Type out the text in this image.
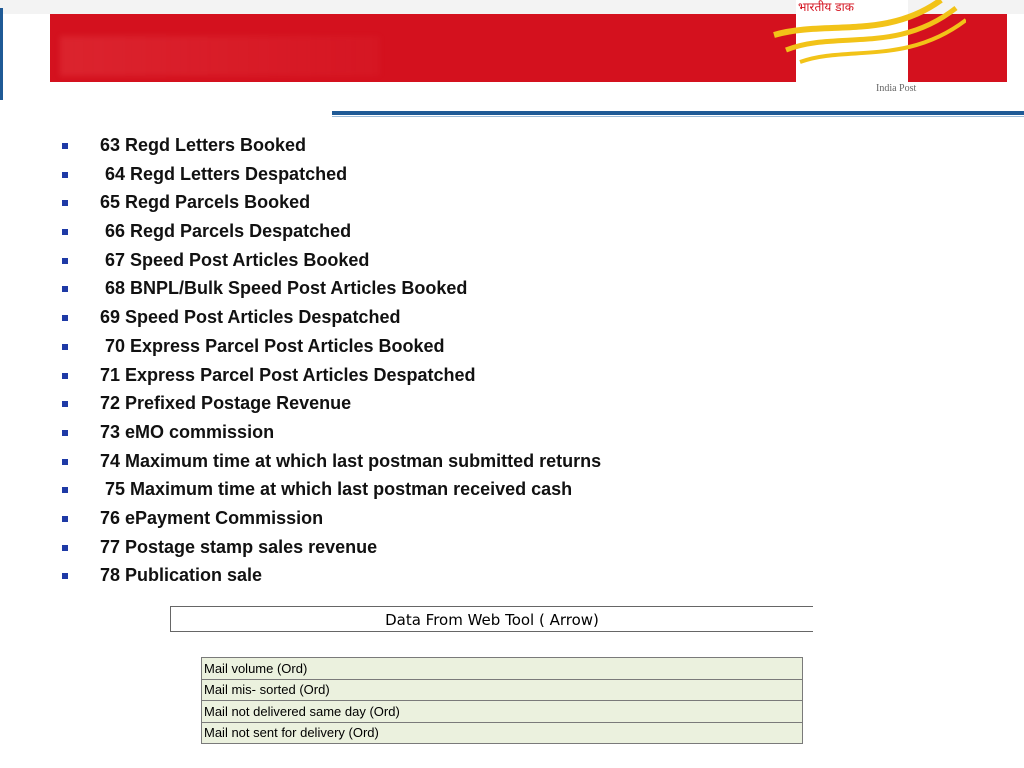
भारतीय डाक
India Post
63 Regd Letters Booked
64 Regd Letters Despatched
65 Regd Parcels Booked
66 Regd Parcels Despatched
67 Speed Post Articles Booked
68 BNPL/Bulk Speed Post Articles Booked
69 Speed Post Articles Despatched
70 Express Parcel Post Articles Booked
71 Express Parcel Post Articles Despatched
72 Prefixed Postage Revenue
73 eMO commission
74 Maximum time at which last postman submitted returns
75 Maximum time at which last postman received cash
76 ePayment Commission
77 Postage stamp sales revenue
78 Publication sale
Data From Web Tool ( Arrow)
Mail volume (Ord)
Mail mis- sorted (Ord)
Mail not delivered same day (Ord)
Mail not sent for delivery (Ord)
